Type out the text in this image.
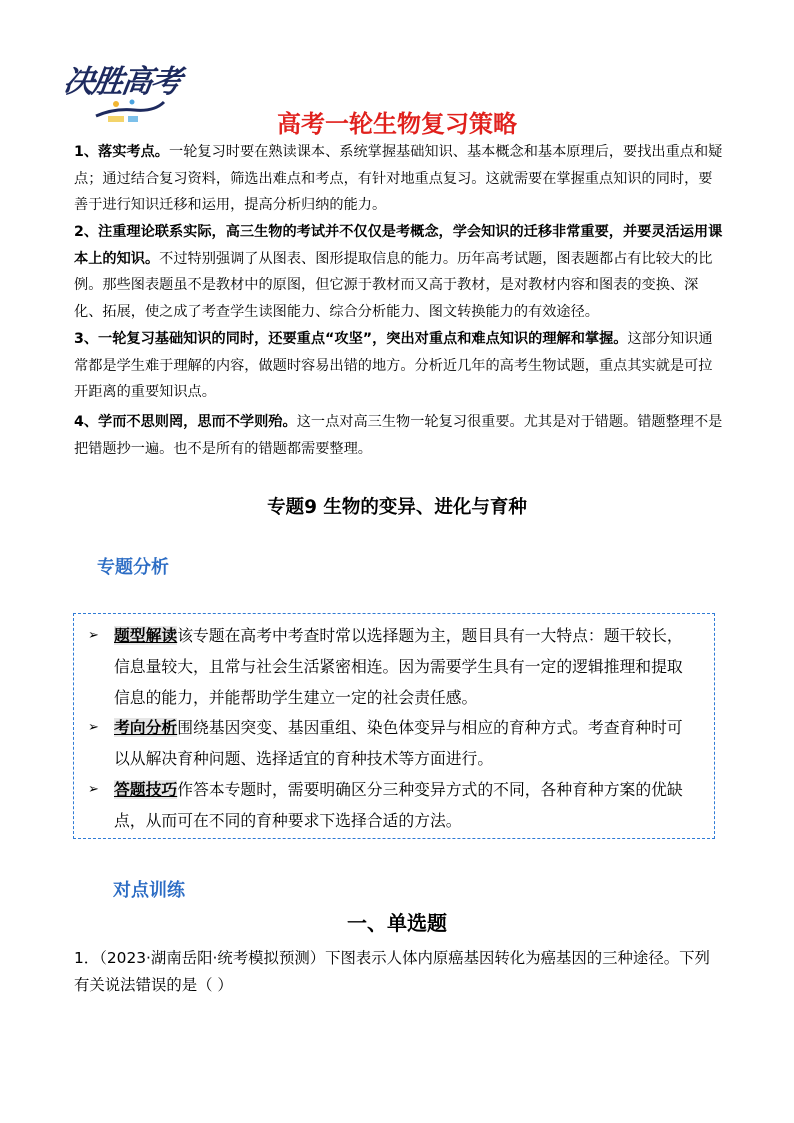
决胜高考
高考一轮生物复习策略

1、落实考点。一轮复习时要在熟读课本、系统掌握基础知识、基本概念和基本原理后，要找出重点和疑点；通过结合复习资料，筛选出难点和考点，有针对地重点复习。这就需要在掌握重点知识的同时，要善于进行知识迁移和运用，提高分析归纳的能力。

2、注重理论联系实际，高三生物的考试并不仅仅是考概念，学会知识的迁移非常重要，并要灵活运用课本上的知识。不过特别强调了从图表、图形提取信息的能力。历年高考试题，图表题都占有比较大的比例。那些图表题虽不是教材中的原图，但它源于教材而又高于教材，是对教材内容和图表的变换、深化、拓展，使之成了考查学生读图能力、综合分析能力、图文转换能力的有效途径。

3、一轮复习基础知识的同时，还要重点“攻坚”，突出对重点和难点知识的理解和掌握。这部分知识通常都是学生难于理解的内容，做题时容易出错的地方。分析近几年的高考生物试题，重点其实就是可拉开距离的重要知识点。

4、学而不思则罔，思而不学则殆。这一点对高三生物一轮复习很重要。尤其是对于错题。错题整理不是把错题抄一遍。也不是所有的错题都需要整理。

专题9 生物的变异、进化与育种
专题分析
➢ 题型解读该专题在高考中考查时常以选择题为主，题目具有一大特点：题干较长，信息量较大，且常与社会生活紧密相连。因为需要学生具有一定的逻辑推理和提取信息的能力，并能帮助学生建立一定的社会责任感。
➢ 考向分析围绕基因突变、基因重组、染色体变异与相应的育种方式。考查育种时可以从解决育种问题、选择适宜的育种技术等方面进行。
➢ 答题技巧作答本专题时，需要明确区分三种变异方式的不同，各种育种方案的优缺点，从而可在不同的育种要求下选择合适的方法。
对点训练
一、单选题
1．（2023·湖南岳阳·统考模拟预测）下图表示人体内原癌基因转化为癌基因的三种途径。下列有关说法错误的是（ ）
